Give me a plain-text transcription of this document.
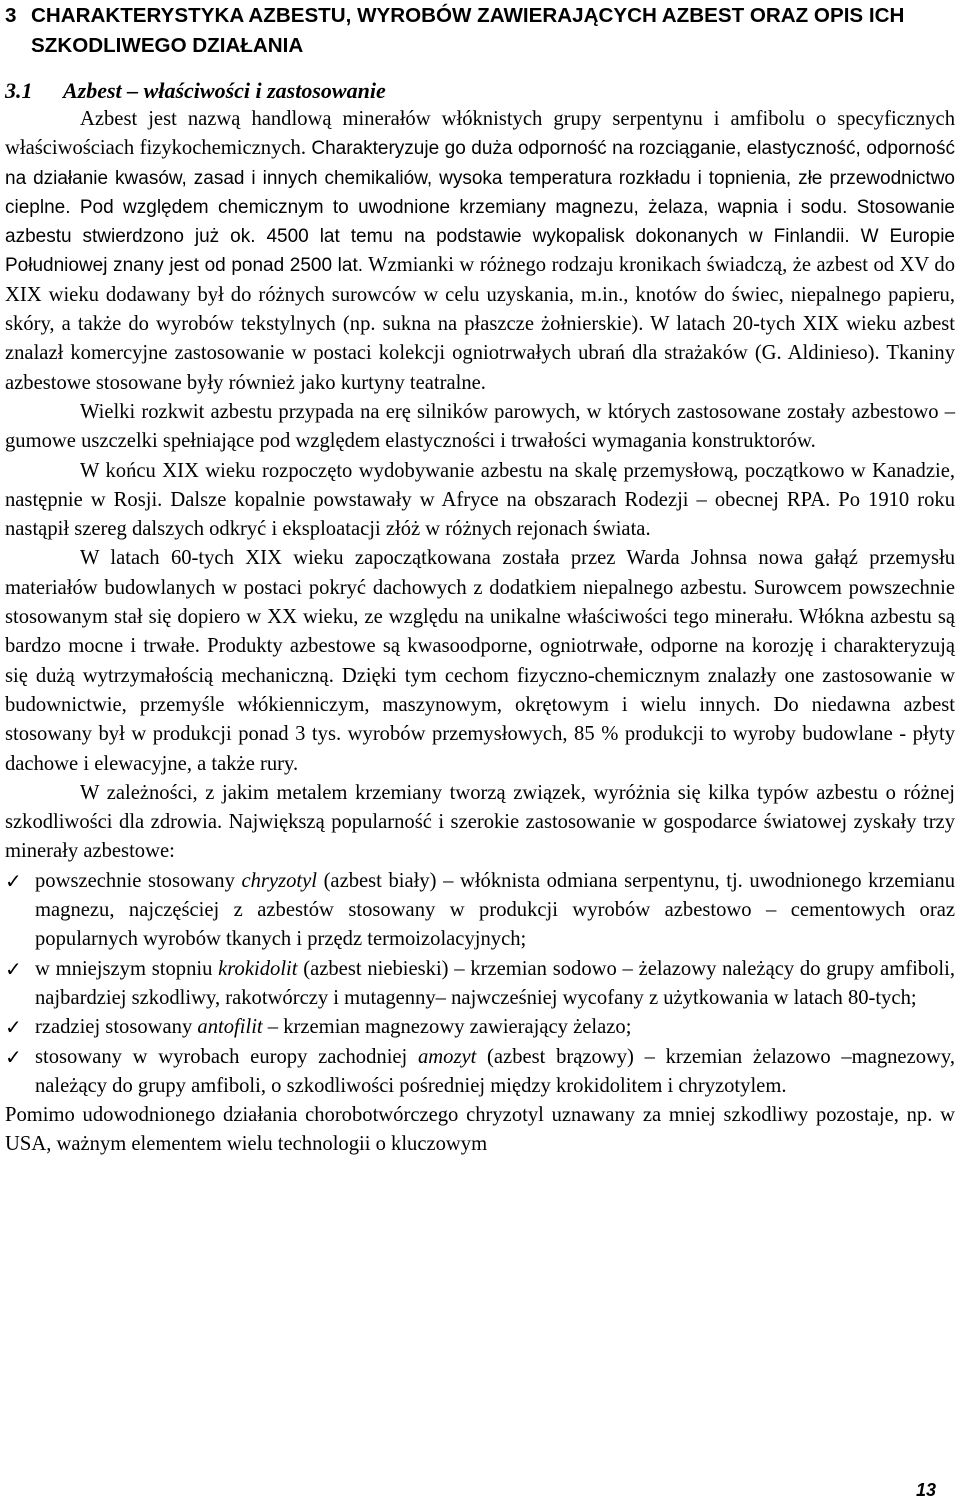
3 CHARAKTERYSTYKA AZBESTU, WYROBÓW ZAWIERAJĄCYCH AZBEST ORAZ OPIS ICH SZKODLIWEGO DZIAŁANIA
3.1	Azbest – właściwości i zastosowanie

Azbest jest nazwą handlową minerałów włóknistych grupy serpentynu i amfibolu o specyficznych właściwościach fizykochemicznych. Charakteryzuje go duża odporność na rozciąganie, elastyczność, odporność na działanie kwasów, zasad i innych chemikaliów, wysoka temperatura rozkładu i topnienia, złe przewodnictwo cieplne. Pod względem chemicznym to uwodnione krzemiany magnezu, żelaza, wapnia i sodu. Stosowanie azbestu stwierdzono już ok. 4500 lat temu na podstawie wykopalisk dokonanych w Finlandii. W Europie Południowej znany jest od ponad 2500 lat. Wzmianki w różnego rodzaju kronikach świadczą, że azbest od XV do XIX wieku dodawany był do różnych surowców w celu uzyskania, m.in., knotów do świec, niepalnego papieru, skóry, a także do wyrobów tekstylnych (np. sukna na płaszcze żołnierskie). W latach 20-tych XIX wieku azbest znalazł komercyjne zastosowanie w postaci kolekcji ogniotrwałych ubrań dla strażaków (G. Aldinieso). Tkaniny azbestowe stosowane były również jako kurtyny teatralne.

Wielki rozkwit azbestu przypada na erę silników parowych, w których zastosowane zostały azbestowo – gumowe uszczelki spełniające pod względem elastyczności i trwałości wymagania konstruktorów.

W końcu XIX wieku rozpoczęto wydobywanie azbestu na skalę przemysłową, początkowo w Kanadzie, następnie w Rosji. Dalsze kopalnie powstawały w Afryce na obszarach Rodezji – obecnej RPA. Po 1910 roku nastąpił szereg dalszych odkryć i eksploatacji złóż w różnych rejonach świata.

W latach 60-tych XIX wieku zapoczątkowana została przez Warda Johnsa nowa gałąź przemysłu materiałów budowlanych w postaci pokryć dachowych z dodatkiem niepalnego azbestu. Surowcem powszechnie stosowanym stał się dopiero w XX wieku, ze względu na unikalne właściwości tego minerału. Włókna azbestu są bardzo mocne i trwałe. Produkty azbestowe są kwasoodporne, ogniotrwałe, odporne na korozję i charakteryzują się dużą wytrzymałością mechaniczną. Dzięki tym cechom fizyczno-chemicznym znalazły one zastosowanie w budownictwie, przemyśle włókienniczym, maszynowym, okrętowym i wielu innych. Do niedawna azbest stosowany był w produkcji ponad 3 tys. wyrobów przemysłowych, 85 % produkcji to wyroby budowlane - płyty dachowe i elewacyjne, a także rury.

W zależności, z jakim metalem krzemiany tworzą związek, wyróżnia się kilka typów azbestu o różnej szkodliwości dla zdrowia. Największą popularność i szerokie zastosowanie w gospodarce światowej zyskały trzy minerały azbestowe:

✓ powszechnie stosowany chryzotyl (azbest biały) – włóknista odmiana serpentynu, tj. uwodnionego krzemianu magnezu, najczęściej z azbestów stosowany w produkcji wyrobów azbestowo – cementowych oraz popularnych wyrobów tkanych i przędz termoizolacyjnych;
✓ w mniejszym stopniu krokidolit (azbest niebieski) – krzemian sodowo – żelazowy należący do grupy amfiboli, najbardziej szkodliwy, rakotwórczy i mutagenny– najwcześniej wycofany z użytkowania w latach 80-tych;
✓ rzadziej stosowany antofilit – krzemian magnezowy zawierający żelazo;
✓ stosowany w wyrobach europy zachodniej amozyt (azbest brązowy) – krzemian żelazowo –magnezowy, należący do grupy amfiboli, o szkodliwości pośredniej między krokidolitem i chryzotylem.

Pomimo udowodnionego działania chorobotwórczego chryzotyl uznawany za mniej szkodliwy pozostaje, np. w USA, ważnym elementem wielu technologii o kluczowym

13
